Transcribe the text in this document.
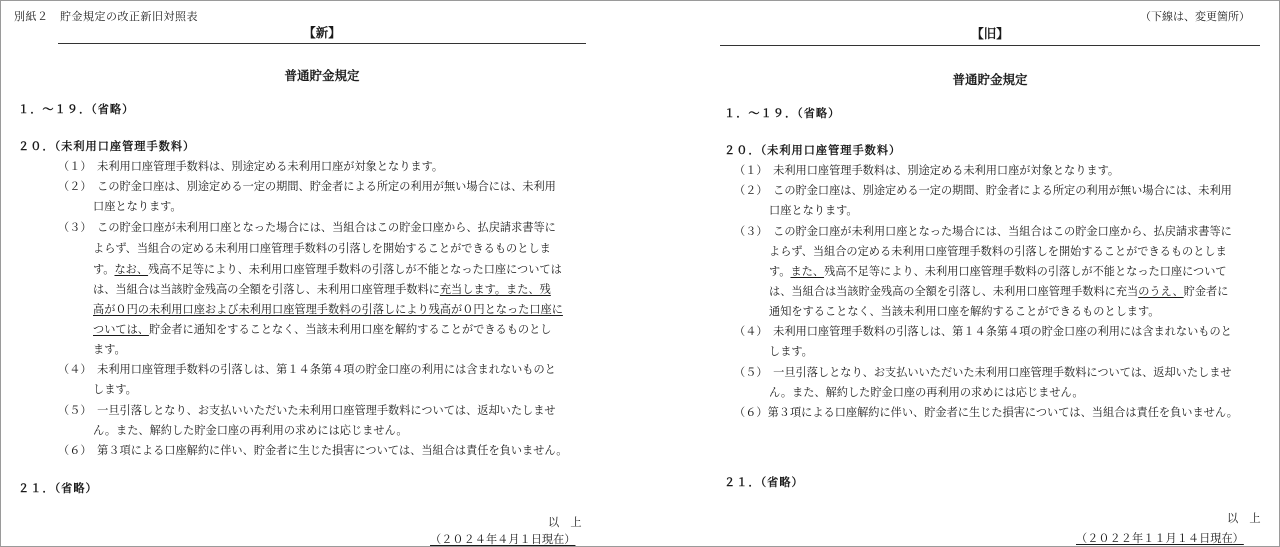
別紙２　貯金規定の改正新旧対照表	（下線は、変更箇所）
【新】
普通貯金規定
１．～１９．（省略）
２０．（未利用口座管理手数料）
（１）　未利用口座管理手数料は、別途定める未利用口座が対象となります。
（２）　この貯金口座は、別途定める一定の期間、貯金者による所定の利用が無い場合には、未利用
口座となります。
（３）　この貯金口座が未利用口座となった場合には、当組合はこの貯金口座から、払戻請求書等に
よらず、当組合の定める未利用口座管理手数料の引落しを開始することができるものとしま
す。なお、残高不足等により、未利用口座管理手数料の引落しが不能となった口座については
は、当組合は当該貯金残高の全額を引落し、未利用口座管理手数料に充当します。また、残
高が０円の未利用口座および未利用口座管理手数料の引落しにより残高が０円となった口座に
ついては、貯金者に通知をすることなく、当該未利用口座を解約することができるものとし
ます。
（４）　未利用口座管理手数料の引落しは、第１４条第４項の貯金口座の利用には含まれないものと
します。
（５）　一旦引落しとなり、お支払いいただいた未利用口座管理手数料については、返却いたしませ
ん。また、解約した貯金口座の再利用の求めには応じません。
（６）　第３項による口座解約に伴い、貯金者に生じた損害については、当組合は責任を負いません。
２１．（省略）
以　上
（２０２４年４月１日現在）
【旧】
普通貯金規定
１．～１９．（省略）
２０．（未利用口座管理手数料）
（１）　未利用口座管理手数料は、別途定める未利用口座が対象となります。
（２）　この貯金口座は、別途定める一定の期間、貯金者による所定の利用が無い場合には、未利用
口座となります。
（３）　この貯金口座が未利用口座となった場合には、当組合はこの貯金口座から、払戻請求書等に
よらず、当組合の定める未利用口座管理手数料の引落しを開始することができるものとしま
す。また、残高不足等により、未利用口座管理手数料の引落しが不能となった口座について
は、当組合は当該貯金残高の全額を引落し、未利用口座管理手数料に充当のうえ、貯金者に
通知をすることなく、当該未利用口座を解約することができるものとします。
（４）　未利用口座管理手数料の引落しは、第１４条第４項の貯金口座の利用には含まれないものと
します。
（５）　一旦引落しとなり、お支払いいただいた未利用口座管理手数料については、返却いたしませ
ん。また、解約した貯金口座の再利用の求めには応じません。
（６）第３項による口座解約に伴い、貯金者に生じた損害については、当組合は責任を負いません。
２１．（省略）
以　上
（２０２２年１１月１４日現在）
